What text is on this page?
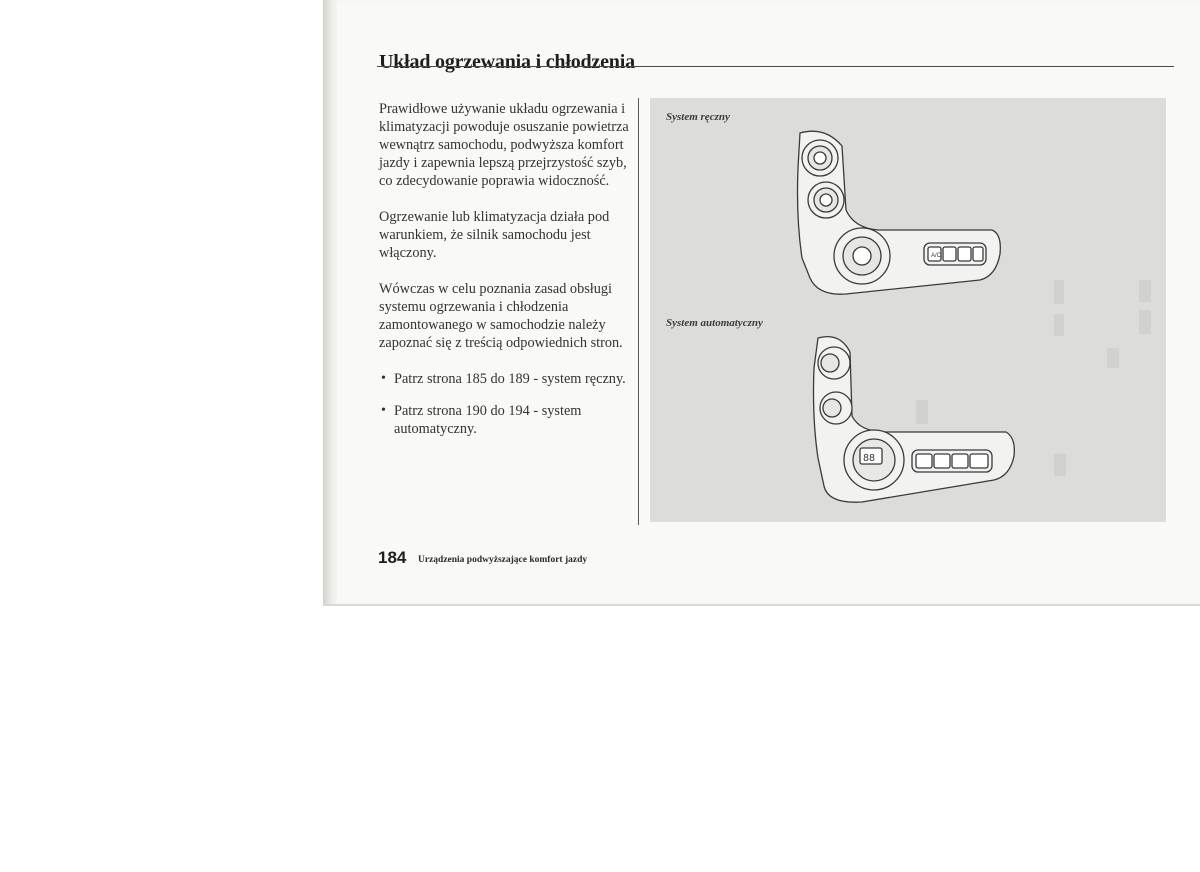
Układ ogrzewania i chłodzenia

Prawidłowe używanie układu ogrzewania i klimatyzacji powoduje osuszanie powietrza wewnątrz samochodu, podwyższa komfort jazdy i zapewnia lepszą przejrzystość szyb, co zdecydowanie poprawia widoczność.

Ogrzewanie lub klimatyzacja działa pod warunkiem, że silnik samochodu jest włączony.

Wówczas w celu poznania zasad obsługi systemu ogrzewania i chłodzenia zamontowanego w samochodzie należy zapoznać się z treścią odpowiednich stron.

• Patrz strona 185 do 189 - system ręczny.
• Patrz strona 190 do 194 - system automatyczny.
A/C
88
System ręczny
System automatyczny
184 Urządzenia podwyższające komfort jazdy
